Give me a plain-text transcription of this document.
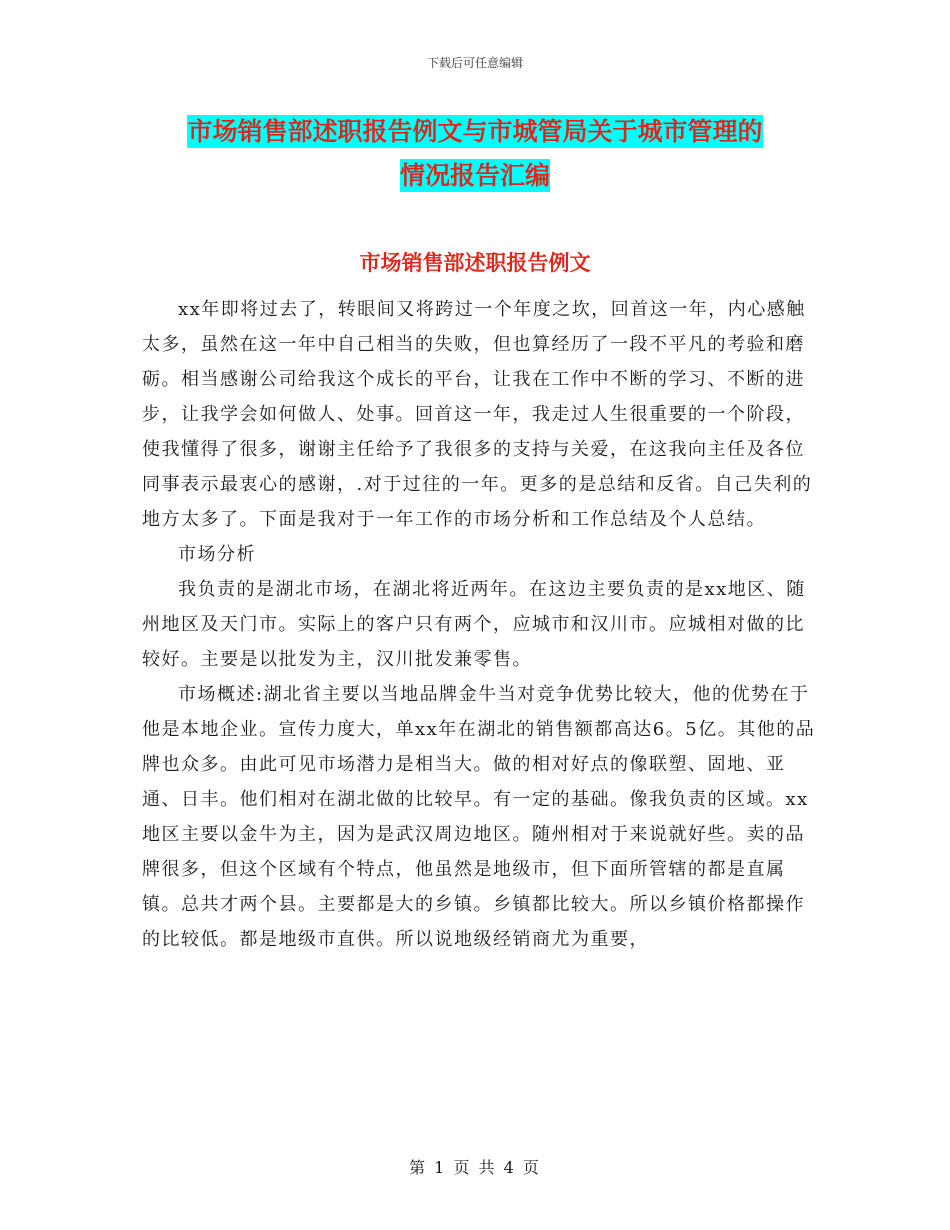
下载后可任意编辑
市场销售部述职报告例文与市城管局关于城市管理的
情况报告汇编
市场销售部述职报告例文

xx年即将过去了，转眼间又将跨过一个年度之坎，回首这一年，内心感触太多，虽然在这一年中自己相当的失败，但也算经历了一段不平凡的考验和磨砺。相当感谢公司给我这个成长的平台，让我在工作中不断的学习、不断的进步，让我学会如何做人、处事。回首这一年，我走过人生很重要的一个阶段，使我懂得了很多，谢谢主任给予了我很多的支持与关爱，在这我向主任及各位同事表示最衷心的感谢，.对于过往的一年。更多的是总结和反省。自己失利的地方太多了。下面是我对于一年工作的市场分析和工作总结及个人总结。

市场分析

我负责的是湖北市场，在湖北将近两年。在这边主要负责的是xx地区、随州地区及天门市。实际上的客户只有两个，应城市和汉川市。应城相对做的比较好。主要是以批发为主，汉川批发兼零售。

市场概述:湖北省主要以当地品牌金牛当对竞争优势比较大，他的优势在于他是本地企业。宣传力度大，单xx年在湖北的销售额都高达6。5亿。其他的品牌也众多。由此可见市场潜力是相当大。做的相对好点的像联塑、固地、亚通、日丰。他们相对在湖北做的比较早。有一定的基础。像我负责的区域。xx地区主要以金牛为主，因为是武汉周边地区。随州相对于来说就好些。卖的品牌很多，但这个区域有个特点，他虽然是地级市，但下面所管辖的都是直属镇。总共才两个县。主要都是大的乡镇。乡镇都比较大。所以乡镇价格都操作的比较低。都是地级市直供。所以说地级经销商尤为重要，

第 1 页 共 4 页
